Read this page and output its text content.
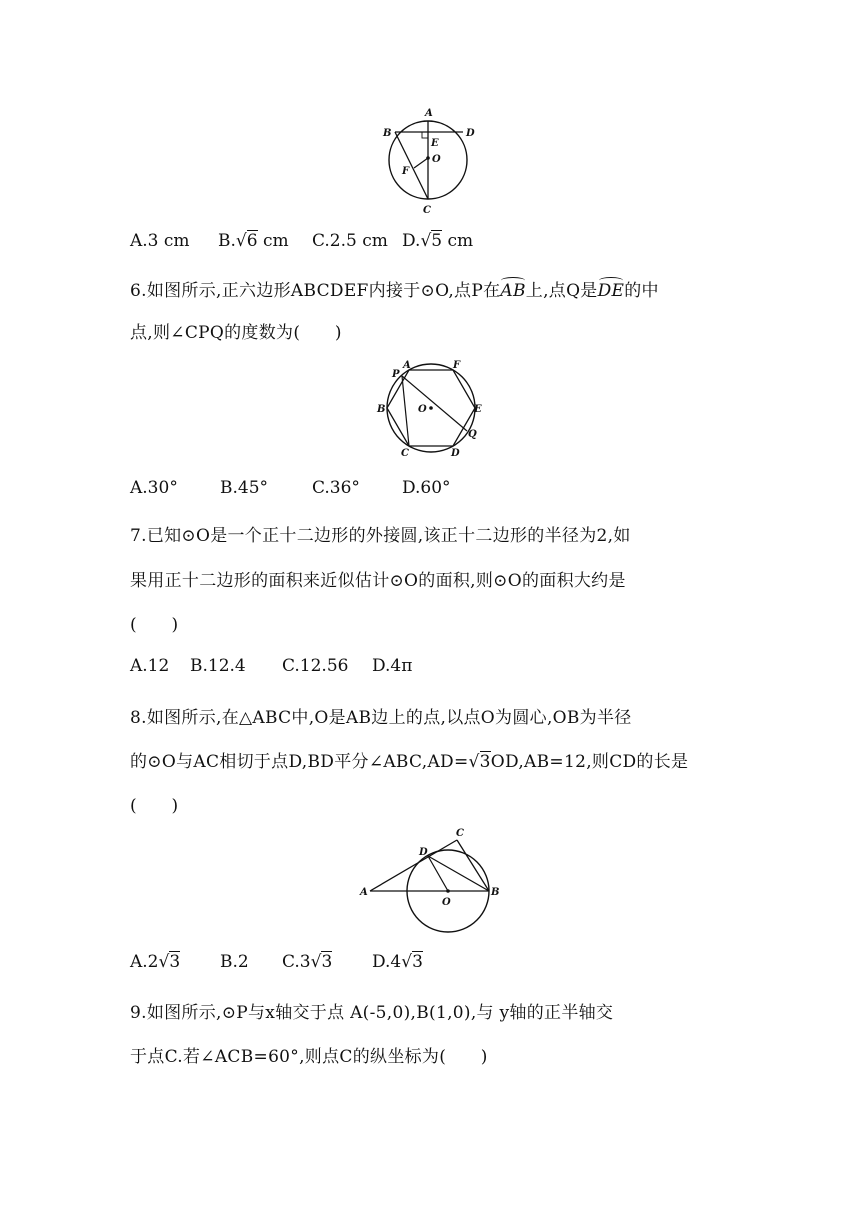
A
B	D
E
O
F
C
A.3 cm B.√6 cm C.2.5 cm D.√5 cm
6.如图所示,正六边形ABCDEF内接于⊙O,点P在AB上,点Q是DE的中
点,则∠CPQ的度数为(　　)
A	F
P
B	O	E
Q
C	D
A.30° B.45°	C.36° D.60°
7.已知⊙O是一个正十二边形的外接圆,该正十二边形的半径为2,如
果用正十二边形的面积来近似估计⊙O的面积,则⊙O的面积大约是
(　　)
A.12 B.12.4 C.12.56 D.4π
8.如图所示,在△ABC中,O是AB边上的点,以点O为圆心,OB为半径
的⊙O与AC相切于点D,BD平分∠ABC,AD=√3OD,AB=12,则CD的长是
(　　)
C
D
A	B
O
A.2√3 B.2 C.3√3 D.4√3
9.如图所示,⊙P与x轴交于点 A(-5,0),B(1,0),与 y轴的正半轴交
于点C.若∠ACB=60°,则点C的纵坐标为(　　)
